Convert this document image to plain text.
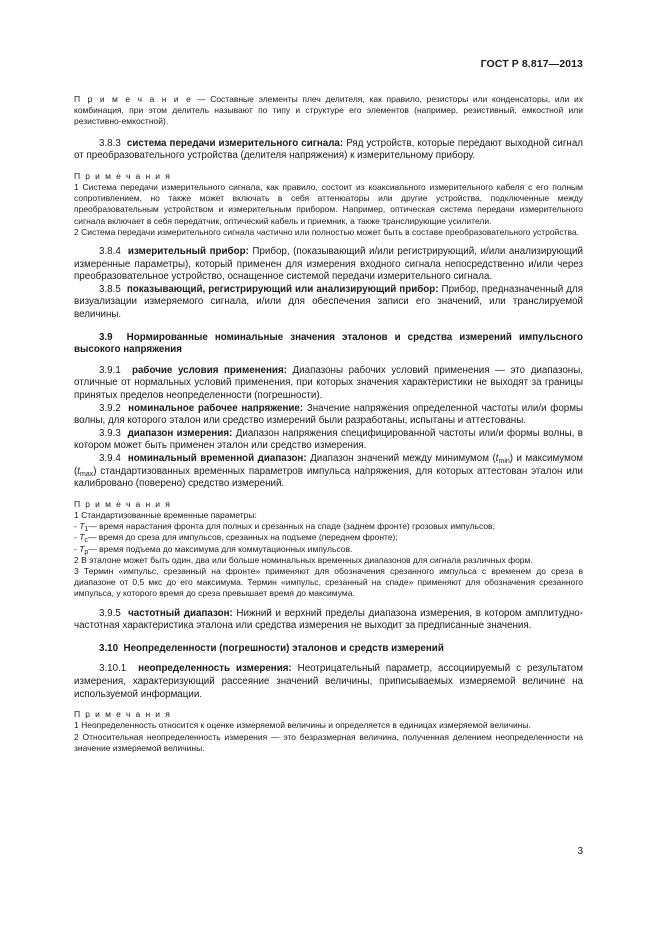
ГОСТ Р 8.817—2013

П р и м е ч а н и е — Составные элементы плеч делителя, как правило, резисторы или конденсаторы, или их комбинация, при этом делитель называют по типу и структуре его элементов (например, резистивный, емкостной или резистивно-емкостной).

3.8.3 система передачи измерительного сигнала: Ряд устройств, которые передают выходной сигнал от преобразовательного устройства (делителя напряжения) к измерительному прибору.

П р и м е ч а н и я

1 Система передачи измерительного сигнала, как правило, состоит из коаксиального измерительного кабеля с его полным сопротивлением, но также может включать в себя аттенюаторы или другие устройства, подключенные между преобразовательным устройством и измерительным прибором. Например, оптическая система передачи измерительного сигнала включает в себя передатчик, оптический кабель и приемник, а также транслирующие усилители.

2 Система передачи измерительного сигнала частично или полностью может быть в составе преобразовательного устройства.

3.8.4 измерительный прибор: Прибор, (показывающий и/или регистрирующий, и/или анализирующий измеренные параметры), который применен для измерения входного сигнала непосредственно и/или через преобразовательное устройство, оснащенное системой передачи измерительного сигнала.

3.8.5 показывающий, регистрирующий или анализирующий прибор: Прибор, предназначенный для визуализации измеряемого сигнала, и/или для обеспечения записи его значений, или транслируемой величины.

3.9 Нормированные номинальные значения эталонов и средства измерений импульсного высокого напряжения

3.9.1 рабочие условия применения: Диапазоны рабочих условий применения — это диапазоны, отличные от нормальных условий применения, при которых значения характеристики не выходят за границы принятых пределов неопределенности (погрешности).

3.9.2 номинальное рабочее напряжение: Значение напряжения определенной частоты или/и формы волны, для которого эталон или средство измерений были разработаны, испытаны и аттестованы.

3.9.3 диапазон измерения: Диапазон напряжения специфицированной частоты или/и формы волны, в котором может быть применен эталон или средство измерения.

3.9.4 номинальный временной диапазон: Диапазон значений между минимумом $(t_{min})$ и максимумом $(t_{max})$ стандартизованных временных параметров импульса напряжения, для которых аттестован эталон или калибровано (поверено) средство измерений.

П р и м е ч а н и я

1 Стандартизованные временные параметры:

- $T_1—$ время нарастания фронта для полных и срезанных на спаде (заднем фронте) грозовых импульсов;

- $T_c—$ время до среза для импульсов, срезанных на подъеме (переднем фронте);

- $T_p—$ время подъема до максимума для коммутационных импульсов.

2 В эталоне может быть один, два или больше номинальных временных диапазонов для сигнала различных форм.

3 Термин «импульс, срезанный на фронте» применяют для обозначения срезанного импульса с временем до среза в диапазоне от 0,5 мкс до его максимума. Термин «импульс, срезанный на спаде» применяют для обозначения срезанного импульса, у которого время до среза превышает время до максимума.

3.9.5 частотный диапазон: Нижний и верхний пределы диапазона измерения, в котором амплитудно-частотная характеристика эталона или средства измерения не выходит за предписанные значения.

3.10 Неопределенности (погрешности) эталонов и средств измерений

3.10.1 неопределенность измерения: Неотрицательный параметр, ассоциируемый с результатом измерения, характеризующий рассеяние значений величины, приписываемых измеряемой величине на используемой информации.

П р и м е ч а н и я

1 Неопределенность относится к оценке измеряемой величины и определяется в единицах измеряемой величины.

2 Относительная неопределенность измерения — это безразмерная величина, полученная делением неопределенности на значение измеряемой величины.

3
